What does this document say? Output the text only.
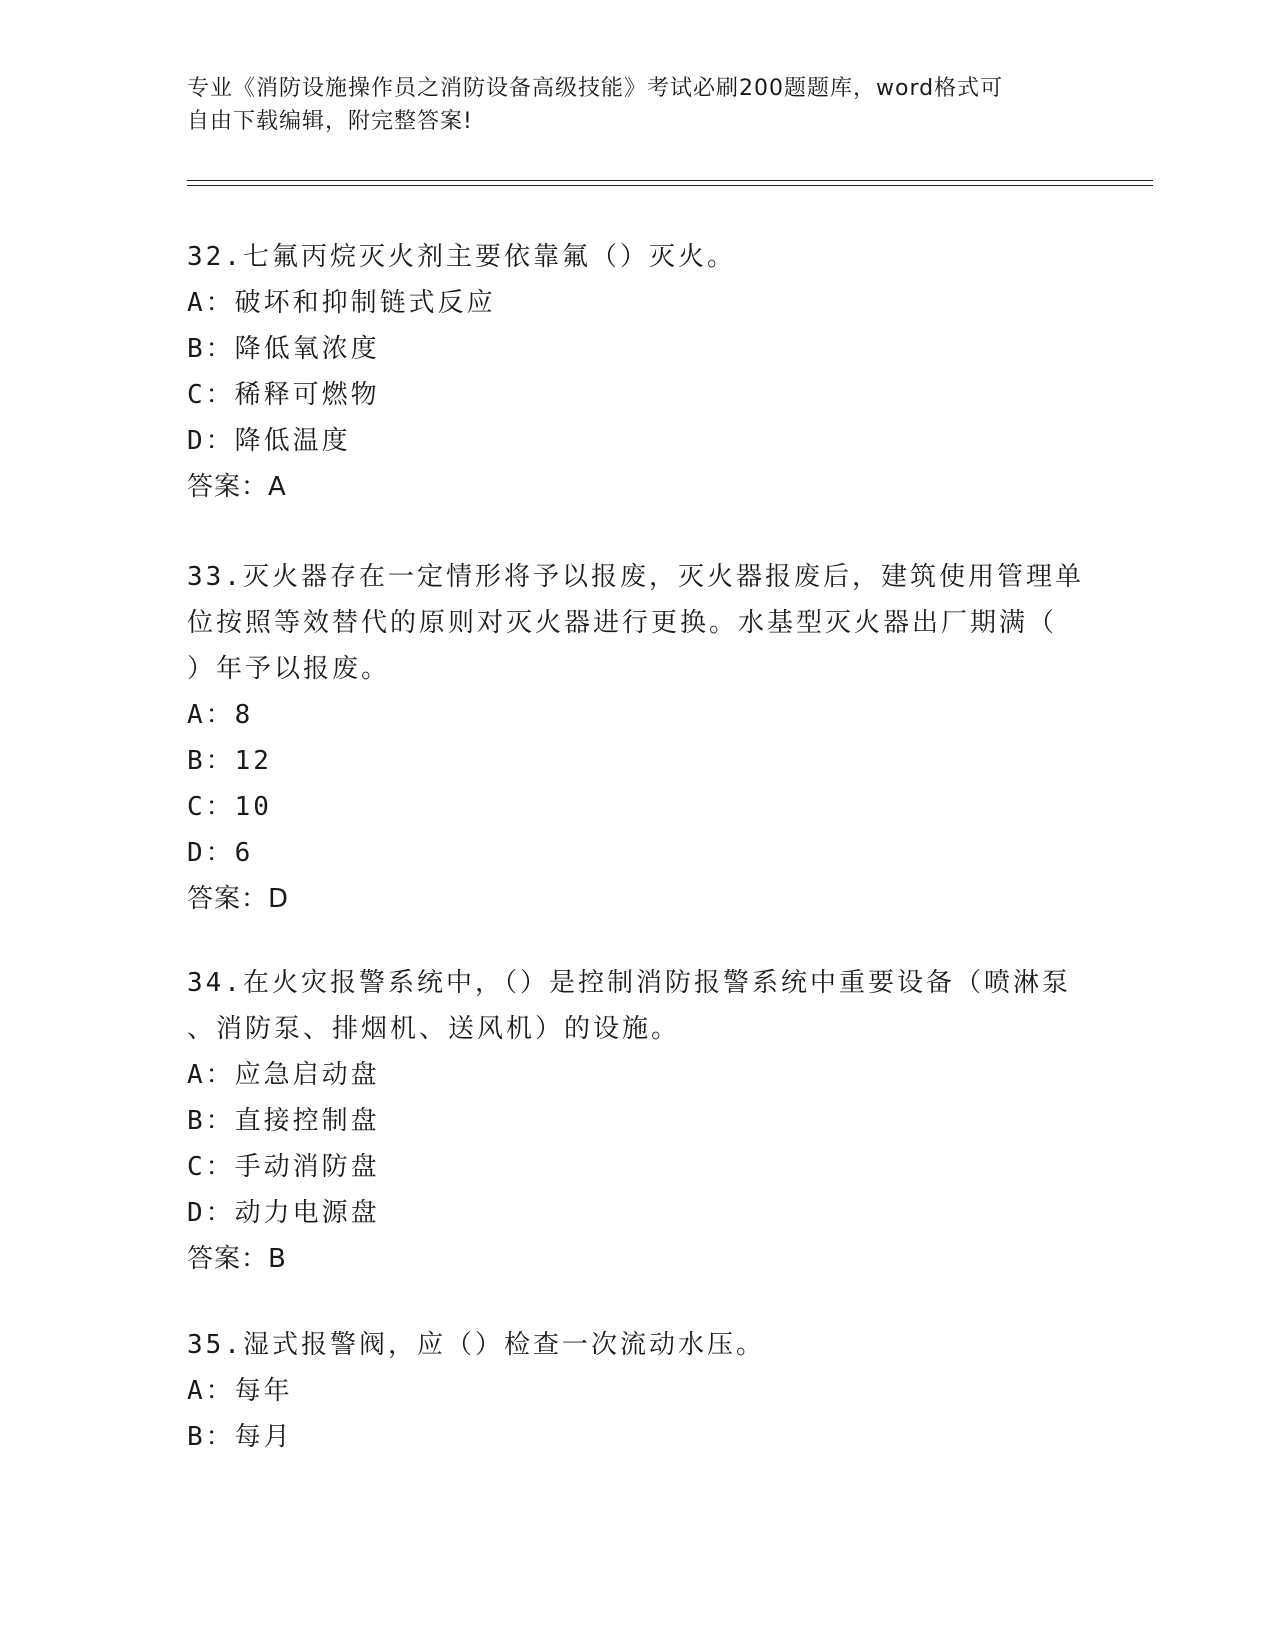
专业《消防设施操作员之消防设备高级技能》考试必刷200题题库，word格式可
自由下载编辑，附完整答案!

32.七氟丙烷灭火剂主要依靠氟（）灭火。

A：破坏和抑制链式反应

B：降低氧浓度

C：稀释可燃物

D：降低温度

答案：A

33.灭火器存在一定情形将予以报废，灭火器报废后，建筑使用管理单

位按照等效替代的原则对灭火器进行更换。水基型灭火器出厂期满（

）年予以报废。

A：8

B：12

C：10

D：6

答案：D

34.在火灾报警系统中，（）是控制消防报警系统中重要设备（喷淋泵

、消防泵、排烟机、送风机）的设施。

A：应急启动盘

B：直接控制盘

C：手动消防盘

D：动力电源盘

答案：B

35.湿式报警阀，应（）检查一次流动水压。

A：每年

B：每月
